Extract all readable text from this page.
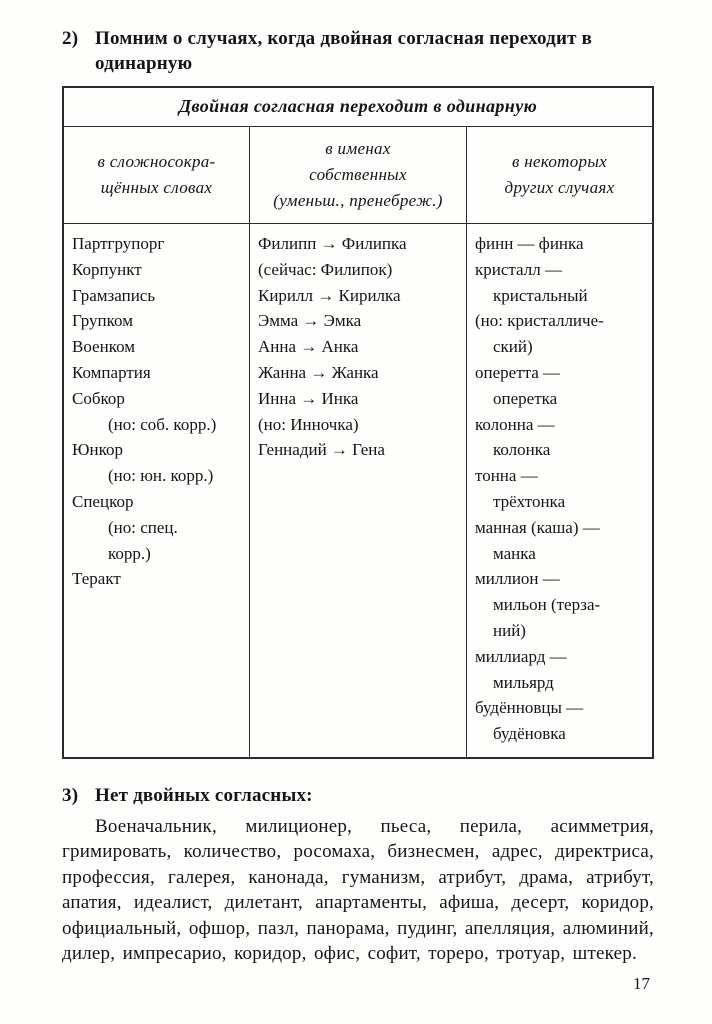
2) Помним о случаях, когда двойная согласная переходит в одинарную
Двойная согласная переходит в одинарную
в сложносокра-
щённых словах
в именах
собственных
(уменьш., пренебреж.)
в некоторых
других случаях
Партгрупорг
Корпункт
Грамзапись
Групком
Военком
Компартия
Собкор
(но: соб. корр.)
Юнкор
(но: юн. корр.)
Спецкор
(но: спец.
корр.)
Теракт
Филипп → Филипка
(сейчас: Филипок)
Кирилл → Кирилка
Эмма → Эмка
Анна → Анка
Жанна → Жанка
Инна → Инка
(но: Инночка)
Геннадий → Гена
финн — финка
кристалл —
кристальный
(но: кристалличе-
ский)
оперетта —
оперетка
колонна —
колонка
тонна —
трёхтонка
манная (каша) —
манка
миллион —
мильон (терза-
ний)
миллиард —
мильярд
будённовцы —
будёновка
3) Нет двойных согласных:

Военачальник, милиционер, пьеса, перила, асимметрия, гримировать, количество, росомаха, бизнесмен, адрес, директриса, профессия, галерея, канонада, гуманизм, атрибут, драма, атрибут, апатия, идеалист, дилетант, апартаменты, афиша, десерт, коридор, официальный, офшор, пазл, панорама, пудинг, апелляция, алюминий, дилер, импресарио, коридор, офис, софит, тореро, тротуар, штекер.

17
